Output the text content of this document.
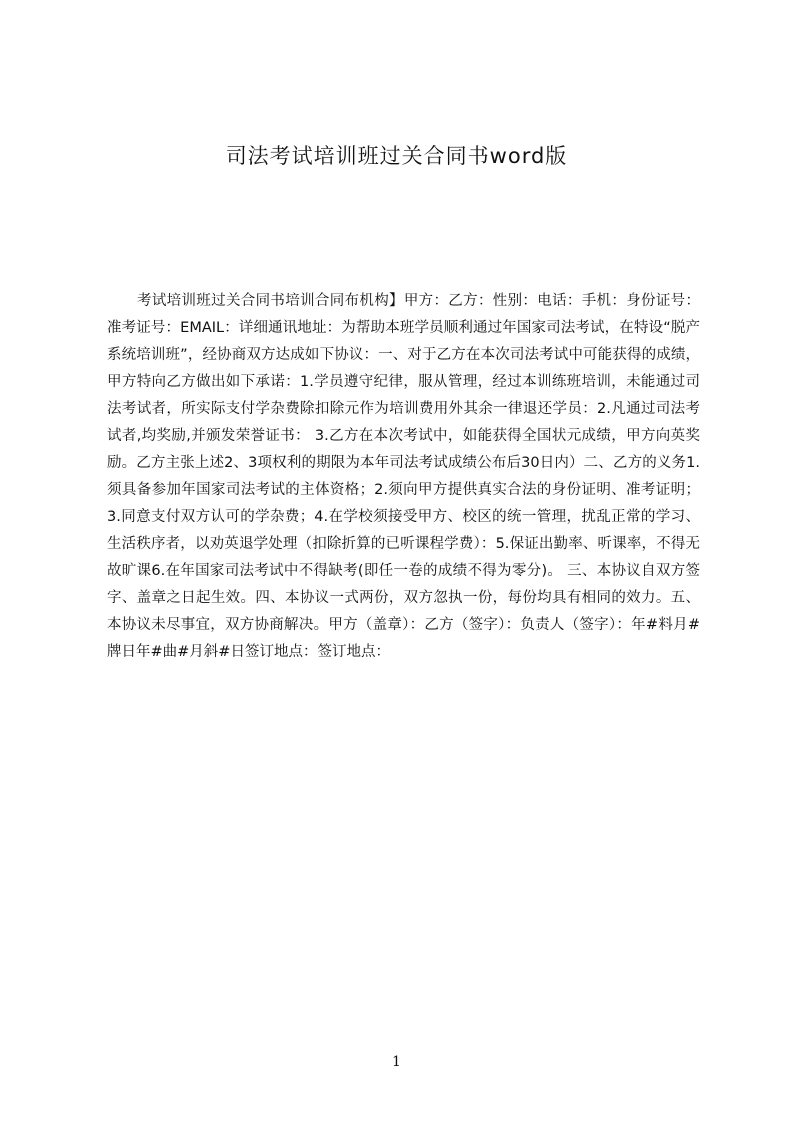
司法考试培训班过关合同书word版

考试培训班过关合同书培训合同布机构】甲方：乙方：性别：电话：手机：身份证号：准考证号：EMAIL：详细通讯地址：为帮助本班学员顺利通过年国家司法考试，在特设“脱产系统培训班”，经协商双方达成如下协议：一、对于乙方在本次司法考试中可能获得的成绩，甲方特向乙方做出如下承诺：1.学员遵守纪律，服从管理，经过本训练班培训，未能通过司法考试者，所实际支付学杂费除扣除元作为培训费用外其余一律退还学员：2.凡通过司法考试者,均奖励,并颁发荣誉证书： 3.乙方在本次考试中，如能获得全国状元成绩，甲方向英奖励。乙方主张上述2、3项权利的期限为本年司法考试成绩公布后30日内）二、乙方的义务1.须具备参加年国家司法考试的主体资格；2.须向甲方提供真实合法的身份证明、准考证明； 3.同意支付双方认可的学杂费；4.在学校须接受甲方、校区的统一管理，扰乱正常的学习、生活秩序者，以劝英退学处理（扣除折算的已听课程学费）：5.保证出勤率、听课率，不得无故旷课6.在年国家司法考试中不得缺考(即任一卷的成绩不得为零分)。 三、本协议自双方签字、盖章之日起生效。四、本协议一式两份，双方忽执一份，每份均具有相同的效力。五、本协议未尽事宜，双方协商解决。甲方（盖章）：乙方（签字）：负责人（签字）：年#料月#牌日年#曲#月斜#日签订地点：签订地点：

1
